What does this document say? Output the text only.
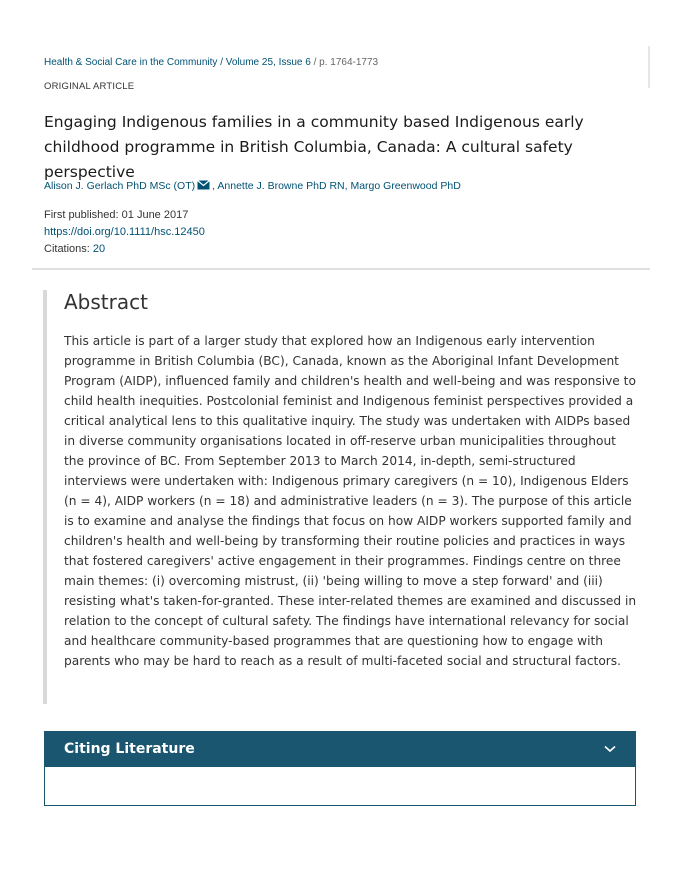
Health & Social Care in the Community / Volume 25, Issue 6 / p. 1764-1773
ORIGINAL ARTICLE
Engaging Indigenous families in a community based Indigenous early childhood programme in British Columbia, Canada: A cultural safety perspective
Alison J. Gerlach PhD MSc (OT) , Annette J. Browne PhD RN, Margo Greenwood PhD
First published: 01 June 2017
https://doi.org/10.1111/hsc.12450
Citations: 20
Abstract

This article is part of a larger study that explored how an Indigenous early intervention programme in British Columbia (BC), Canada, known as the Aboriginal Infant Development Program (AIDP), influenced family and children's health and well-being and was responsive to child health inequities. Postcolonial feminist and Indigenous feminist perspectives provided a critical analytical lens to this qualitative inquiry. The study was undertaken with AIDPs based in diverse community organisations located in off-reserve urban municipalities throughout the province of BC. From September 2013 to March 2014, in-depth, semi-structured interviews were undertaken with: Indigenous primary caregivers (n = 10), Indigenous Elders (n = 4), AIDP workers (n = 18) and administrative leaders (n = 3). The purpose of this article is to examine and analyse the findings that focus on how AIDP workers supported family and children's health and well-being by transforming their routine policies and practices in ways that fostered caregivers' active engagement in their programmes. Findings centre on three main themes: (i) overcoming mistrust, (ii) 'being willing to move a step forward' and (iii) resisting what's taken-for-granted. These inter-related themes are examined and discussed in relation to the concept of cultural safety. The findings have international relevancy for social and healthcare community-based programmes that are questioning how to engage with parents who may be hard to reach as a result of multi-faceted social and structural factors.

Citing Literature
